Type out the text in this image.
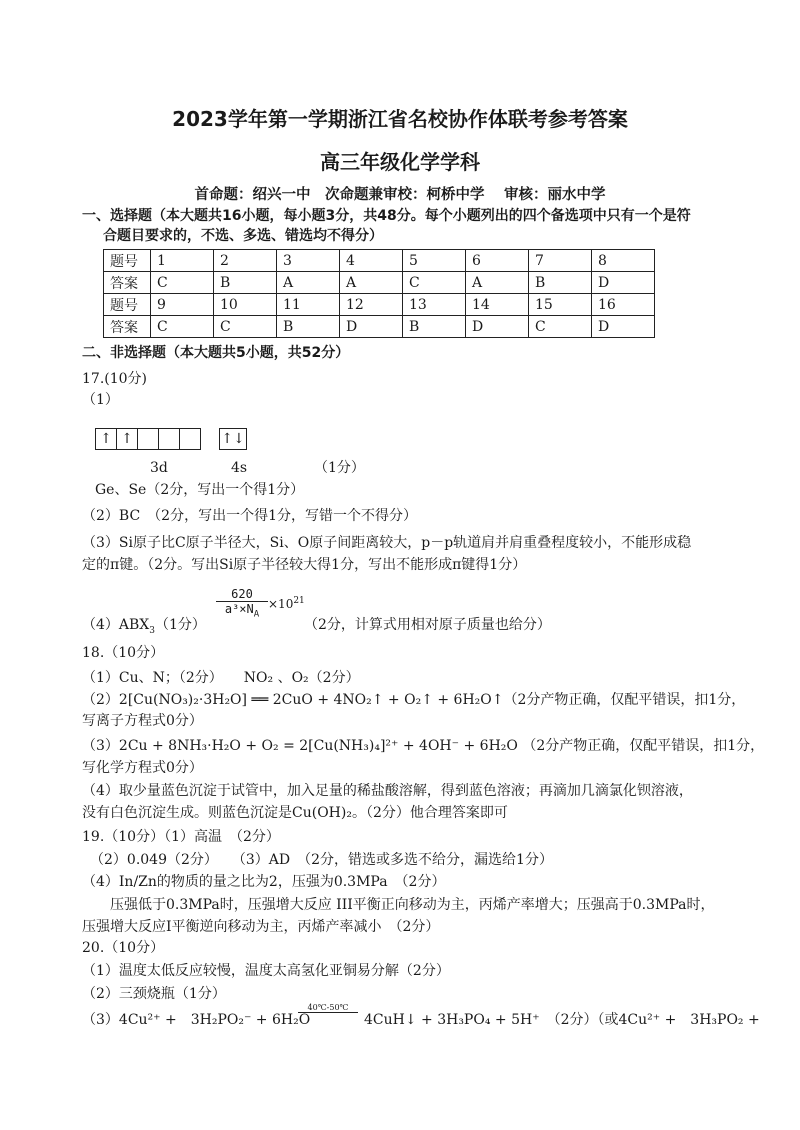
2023学年第一学期浙江省名校协作体联考参考答案
高三年级化学学科
首命题：绍兴一中　次命题兼审校：柯桥中学　 审核：丽水中学
一、选择题（本大题共16小题，每小题3分，共48分。每个小题列出的四个备选项中只有一个是符
合题目要求的，不选、多选、错选均不得分）
题号	1	2	3	4	5	6	7	8
答案	C	B	A	A	C	A	B	D
题号	9	10	11	12	13	14	15	16
答案	C	C	B	D	B	D	C	D
二、非选择题（本大题共5小题，共52分）
17.(10分)
（1）
↑ ↑	↑↓
3d	4s	（1分）
Ge、Se（2分，写出一个得1分）
（2）BC　（2分，写出一个得1分，写错一个不得分）
（3）Si原子比C原子半径大，Si、O原子间距离较大，p－p轨道肩并肩重叠程度较小，不能形成稳
定的π键。（2分。写出Si原子半径较大得1分，写出不能形成π键得1分）
$\frac{620}{a^3\times N_A} \times 10^{21}$
$(4)ABX_3(1$分）	（2分，计算式用相对原子质量也给分）
18.（10分）
（1）Cu、N；（2分）　　NO₂ 、O₂（2分）
（2）2[Cu(NO₃)₂·3H₂O] ══ 2CuO + 4NO₂↑ + O₂↑ + 6H₂O↑（2分产物正确，仅配平错误，扣1分，
写离子方程式0分）
（3）2Cu + 8NH₃·H₂O + O₂ = 2[Cu(NH₃)₄]²⁺ + 4OH⁻ + 6H₂O （2分产物正确，仅配平错误，扣1分，
写化学方程式0分）
（4）取少量蓝色沉淀于试管中，加入足量的稀盐酸溶解，得到蓝色溶液；再滴加几滴氯化钡溶液，
没有白色沉淀生成。则蓝色沉淀是Cu(OH)₂。（2分）他合理答案即可
19.（10分）（1）高温　（2分）
（2）0.049（2分）　　（3）AD　（2分，错选或多选不给分，漏选给1分）
（4）In/Zn的物质的量之比为2，压强为0.3MPa　（2分）
压强低于0.3MPa时，压强增大反应 III平衡正向移动为主，丙烯产率增大；压强高于0.3MPa时，
压强增大反应I平衡逆向移动为主，丙烯产率减小　（2分）
20.（10分）
（1）温度太低反应较慢，温度太高氢化亚铜易分解（2分）
（2）三颈烧瓶（1分）
（3）4Cu²⁺ +　3H₂PO₂⁻ + 6H₂O
40℃-50℃
4CuH↓ + 3H₃PO₄ + 5H⁺　（2分）（或4Cu²⁺ +　3H₃PO₂ +
